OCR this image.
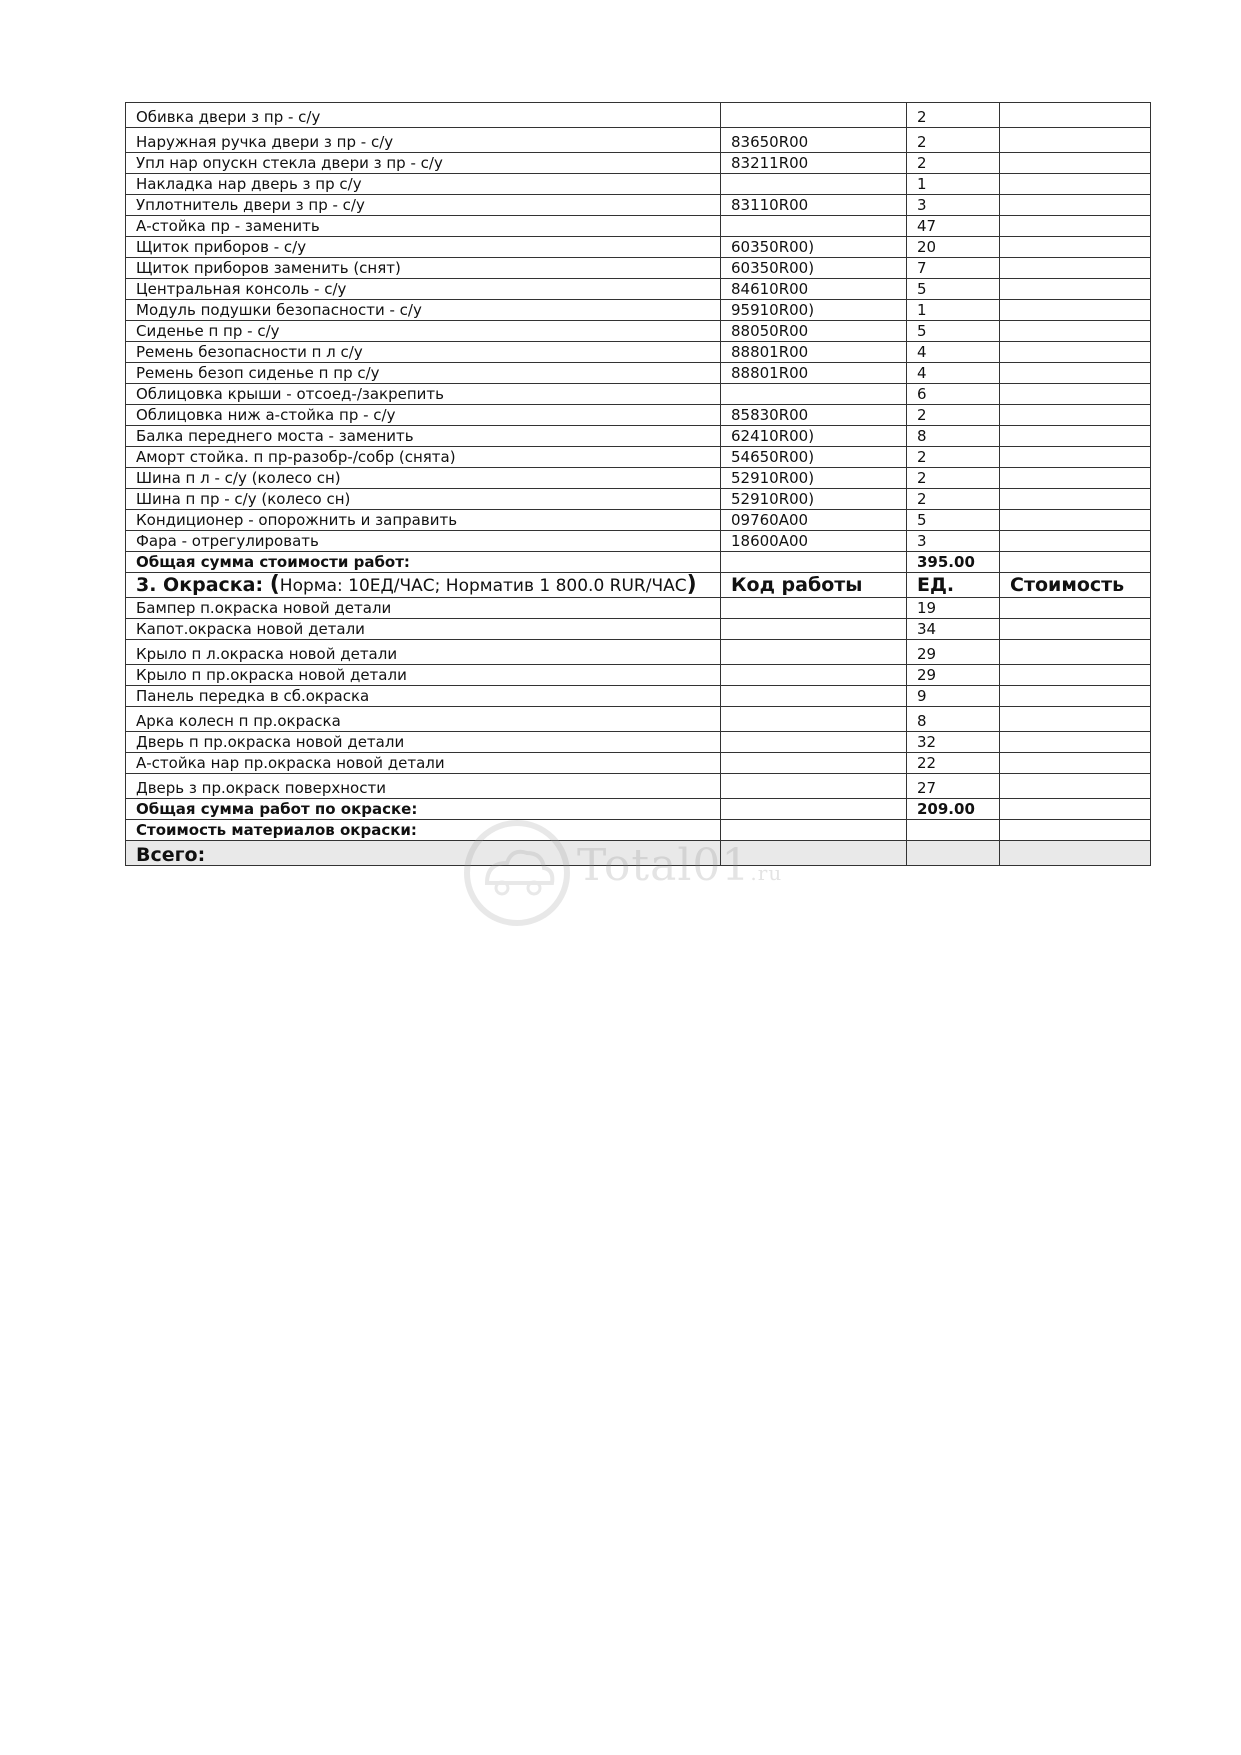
Обивка двери з пр - с/у		2	
Наружная ручка двери з пр - с/у	83650R00	2	
Упл нар опускн стекла двери з пр - с/у	83211R00	2	
Накладка нар дверь з пр с/у		1	
Уплотнитель двери з пр - с/у	83110R00	3	
А-стойка пр - заменить		47	
Щиток приборов - с/у	60350R00)	20	
Щиток приборов заменить (снят)	60350R00)	7	
Центральная консоль - с/у	84610R00	5	
Модуль подушки безопасности - с/у	95910R00)	1	
Сиденье п пр - с/у	88050R00	5	
Ремень безопасности п л с/у	88801R00	4	
Ремень безоп сиденье п пр с/у	88801R00	4	
Облицовка крыши - отсоед-/закрепить		6	
Облицовка ниж а-стойка пр - с/у	85830R00	2	
Балка переднего моста - заменить	62410R00)	8	
Аморт стойка. п пр-разобр-/собр (снята)	54650R00)	2	
Шина п л - с/у (колесо сн)	52910R00)	2	
Шина п пр - с/у (колесо сн)	52910R00)	2	
Кондиционер - опорожнить и заправить	09760A00	5	
Фара - отрегулировать	18600A00	3	
Общая сумма стоимости работ:		395.00	
3. Окраска: (Норма: 10ЕД/ЧАС; Норматив 1 800.0 RUR/ЧАС)	Код работы	ЕД.	Стоимость
Бампер п.окраска новой детали		19	
Капот.окраска новой детали		34	
Крыло п л.окраска новой детали		29	
Крыло п пр.окраска новой детали		29	
Панель передка в сб.окраска		9	
Арка колесн п пр.окраска		8	
Дверь п пр.окраска новой детали		32	
А-стойка нар пр.окраска новой детали		22	
Дверь з пр.окраск поверхности		27	
Общая сумма работ по окраске:		209.00	
Стоимость материалов окраски:			
Всего:				Total01.ru
